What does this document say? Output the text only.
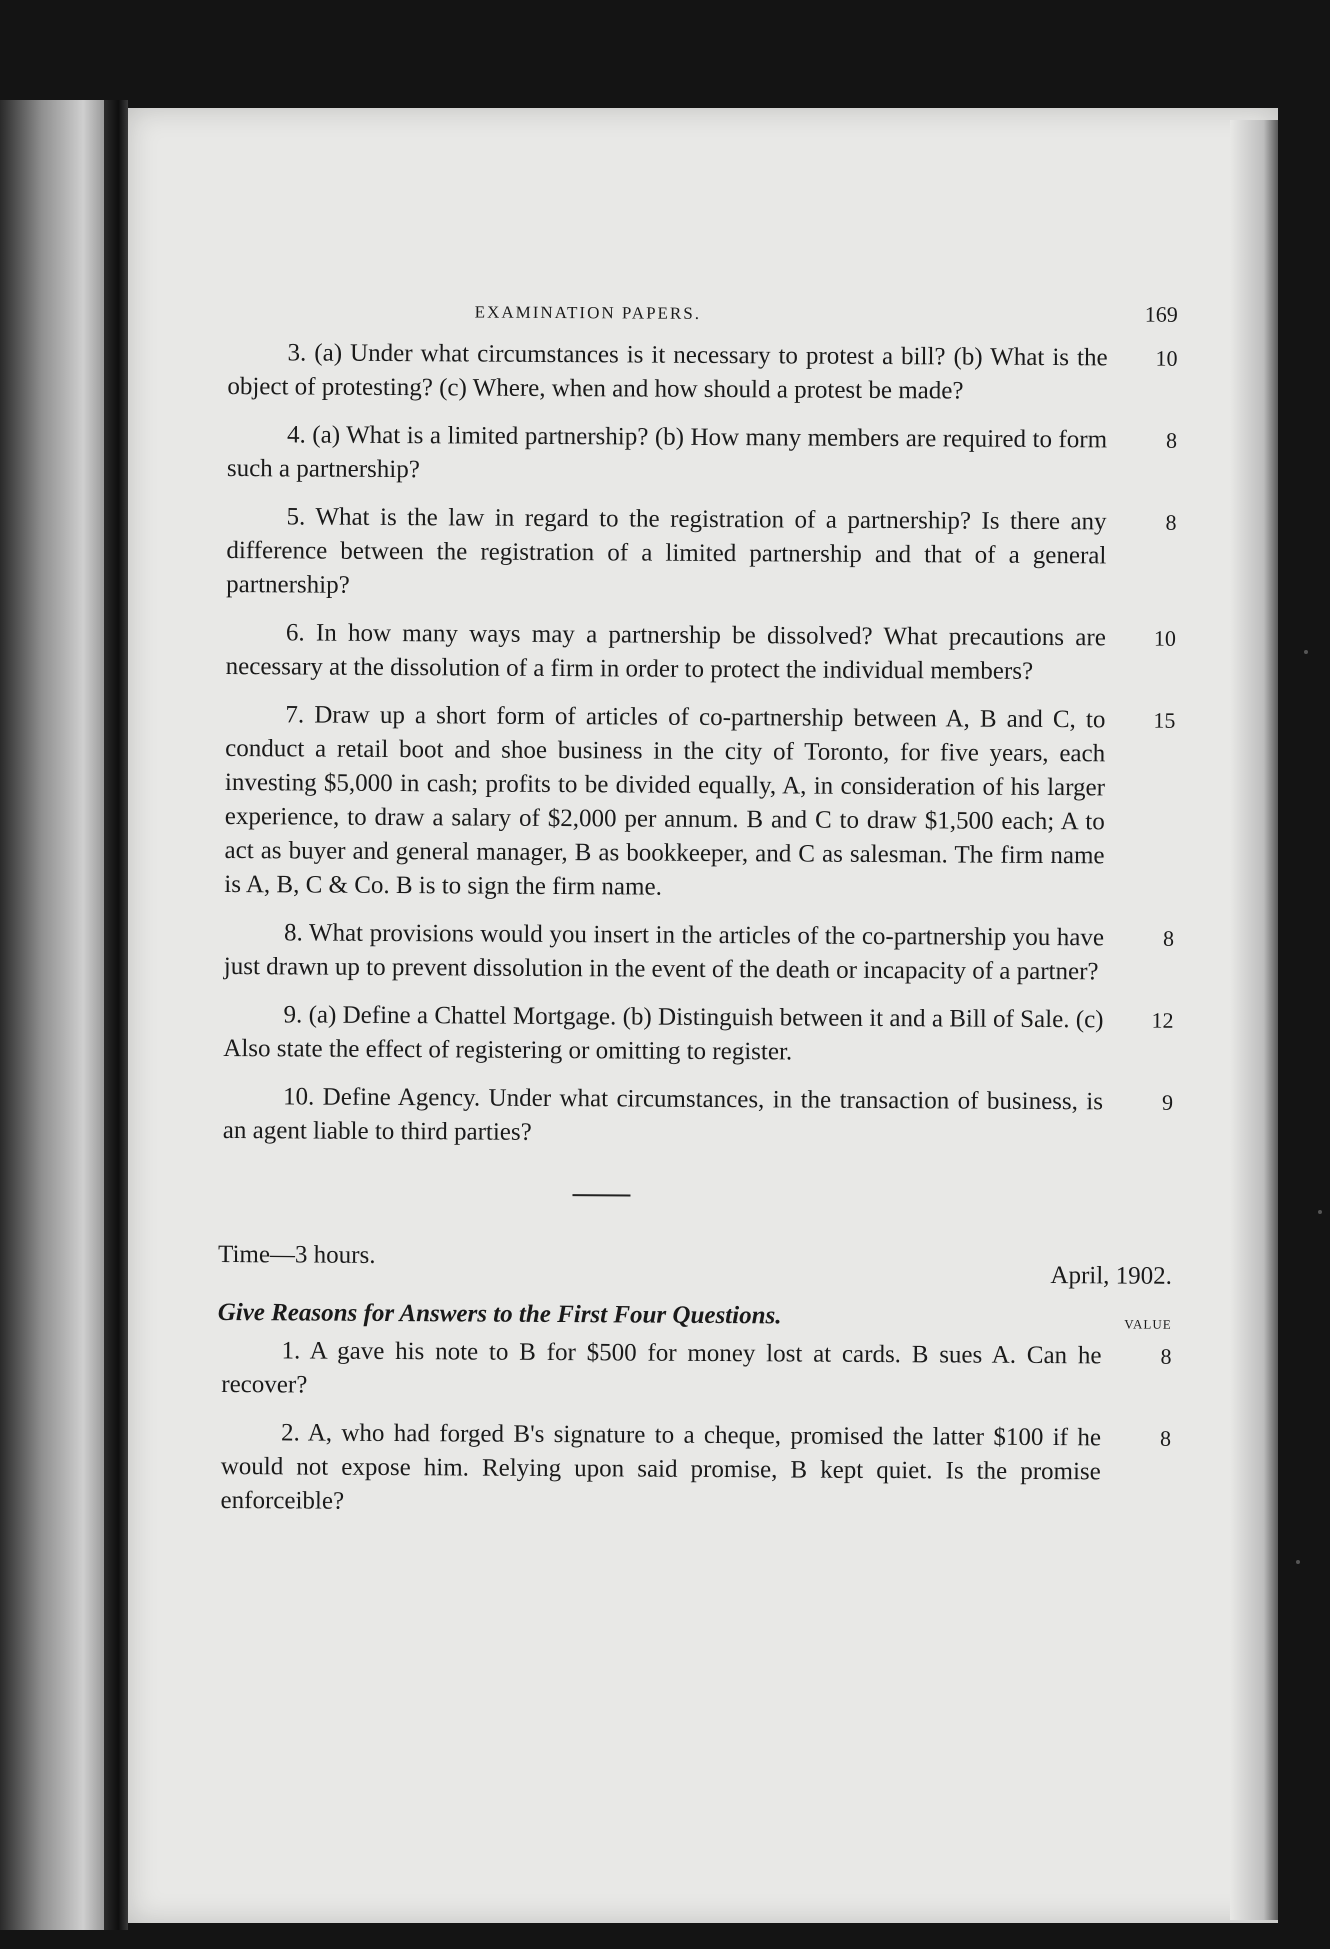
EXAMINATION PAPERS.	169
3. (a) Under what circumstances is it necessary to protest a bill? (b) What is the object of protesting? (c) Where, when and how should a protest be made?
10
4. (a) What is a limited partnership? (b) How many members are required to form such a partnership?
8
5. What is the law in regard to the registration of a partnership? Is there any difference between the registration of a limited partnership and that of a general partnership?
8
6. In how many ways may a partnership be dissolved? What precautions are necessary at the dissolution of a firm in order to protect the individual members?
10
7. Draw up a short form of articles of co-partnership between A, B and C, to conduct a retail boot and shoe business in the city of Toronto, for five years, each investing $5,000 in cash; profits to be divided equally, A, in consideration of his larger experience, to draw a salary of $2,000 per annum. B and C to draw $1,500 each; A to act as buyer and general manager, B as bookkeeper, and C as salesman. The firm name is A, B, C & Co. B is to sign the firm name.
15
8. What provisions would you insert in the articles of the co-partnership you have just drawn up to prevent dissolution in the event of the death or incapacity of a partner?
8
9. (a) Define a Chattel Mortgage. (b) Distinguish between it and a Bill of Sale. (c) Also state the effect of registering or omitting to register.
12
10. Define Agency. Under what circumstances, in the transaction of business, is an agent liable to third parties?
9
Time—3 hours.
April, 1902.
Give Reasons for Answers to the First Four Questions.	VALUE
1. A gave his note to B for $500 for money lost at cards. B sues A. Can he recover?
8
2. A, who had forged B's signature to a cheque, promised the latter $100 if he would not expose him. Relying upon said promise, B kept quiet. Is the promise enforceible?
8
